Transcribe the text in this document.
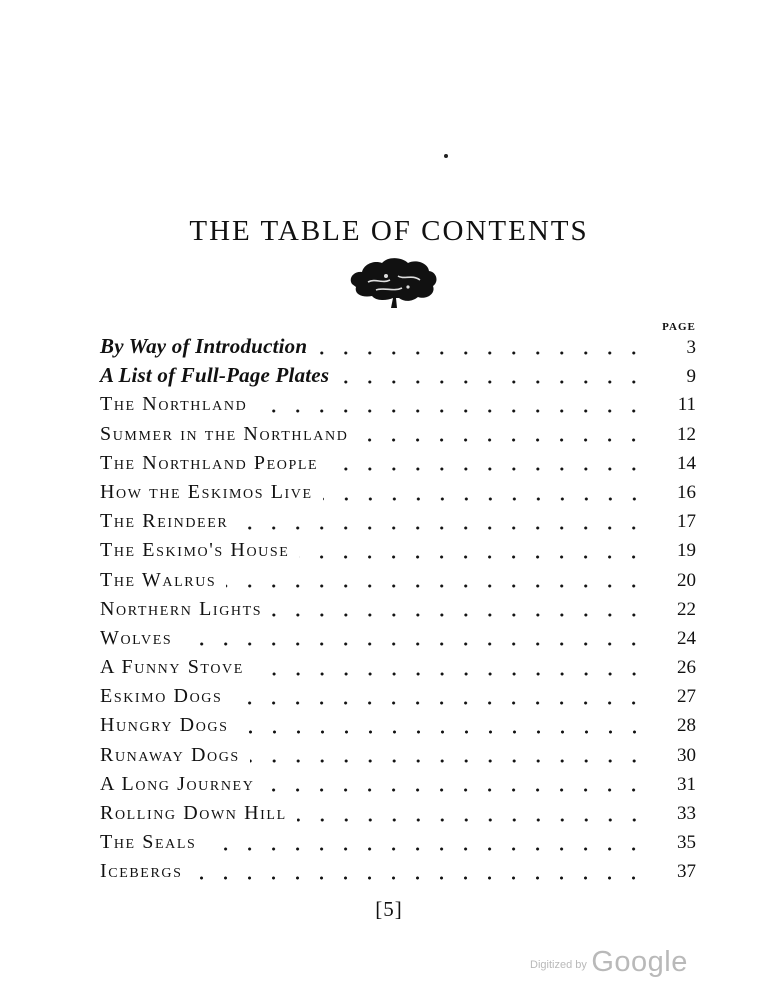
THE TABLE OF CONTENTS
PAGE
By Way of Introduction	3
A List of Full-Page Plates	9
The Northland	11
Summer in the Northland	12
The Northland People	14
How the Eskimos Live	16
The Reindeer	17
The Eskimo's House	19
The Walrus	20
Northern Lights	22
Wolves	24
A Funny Stove	26
Eskimo Dogs	27
Hungry Dogs	28
Runaway Dogs	30
A Long Journey	31
Rolling Down Hill	33
The Seals	35
Icebergs	37
[5]
Digitized by Google
